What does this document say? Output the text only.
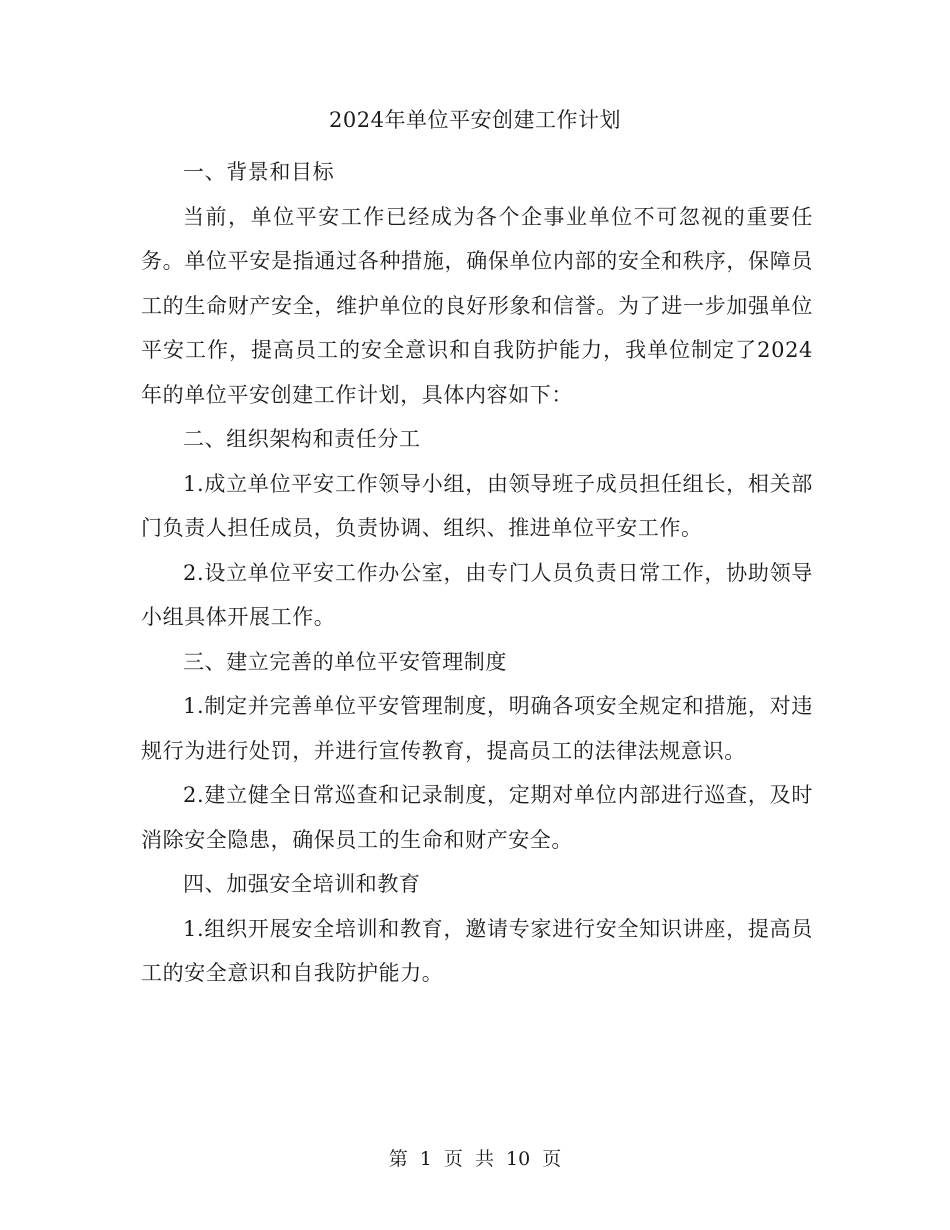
2024年单位平安创建工作计划

一、背景和目标

当前，单位平安工作已经成为各个企事业单位不可忽视的重要任务。单位平安是指通过各种措施，确保单位内部的安全和秩序，保障员工的生命财产安全，维护单位的良好形象和信誉。为了进一步加强单位平安工作，提高员工的安全意识和自我防护能力，我单位制定了2024年的单位平安创建工作计划，具体内容如下：

二、组织架构和责任分工

1.成立单位平安工作领导小组，由领导班子成员担任组长，相关部门负责人担任成员，负责协调、组织、推进单位平安工作。

2.设立单位平安工作办公室，由专门人员负责日常工作，协助领导小组具体开展工作。

三、建立完善的单位平安管理制度

1.制定并完善单位平安管理制度，明确各项安全规定和措施，对违规行为进行处罚，并进行宣传教育，提高员工的法律法规意识。

2.建立健全日常巡查和记录制度，定期对单位内部进行巡查，及时消除安全隐患，确保员工的生命和财产安全。

四、加强安全培训和教育

1.组织开展安全培训和教育，邀请专家进行安全知识讲座，提高员工的安全意识和自我防护能力。

第 1 页 共 10 页
